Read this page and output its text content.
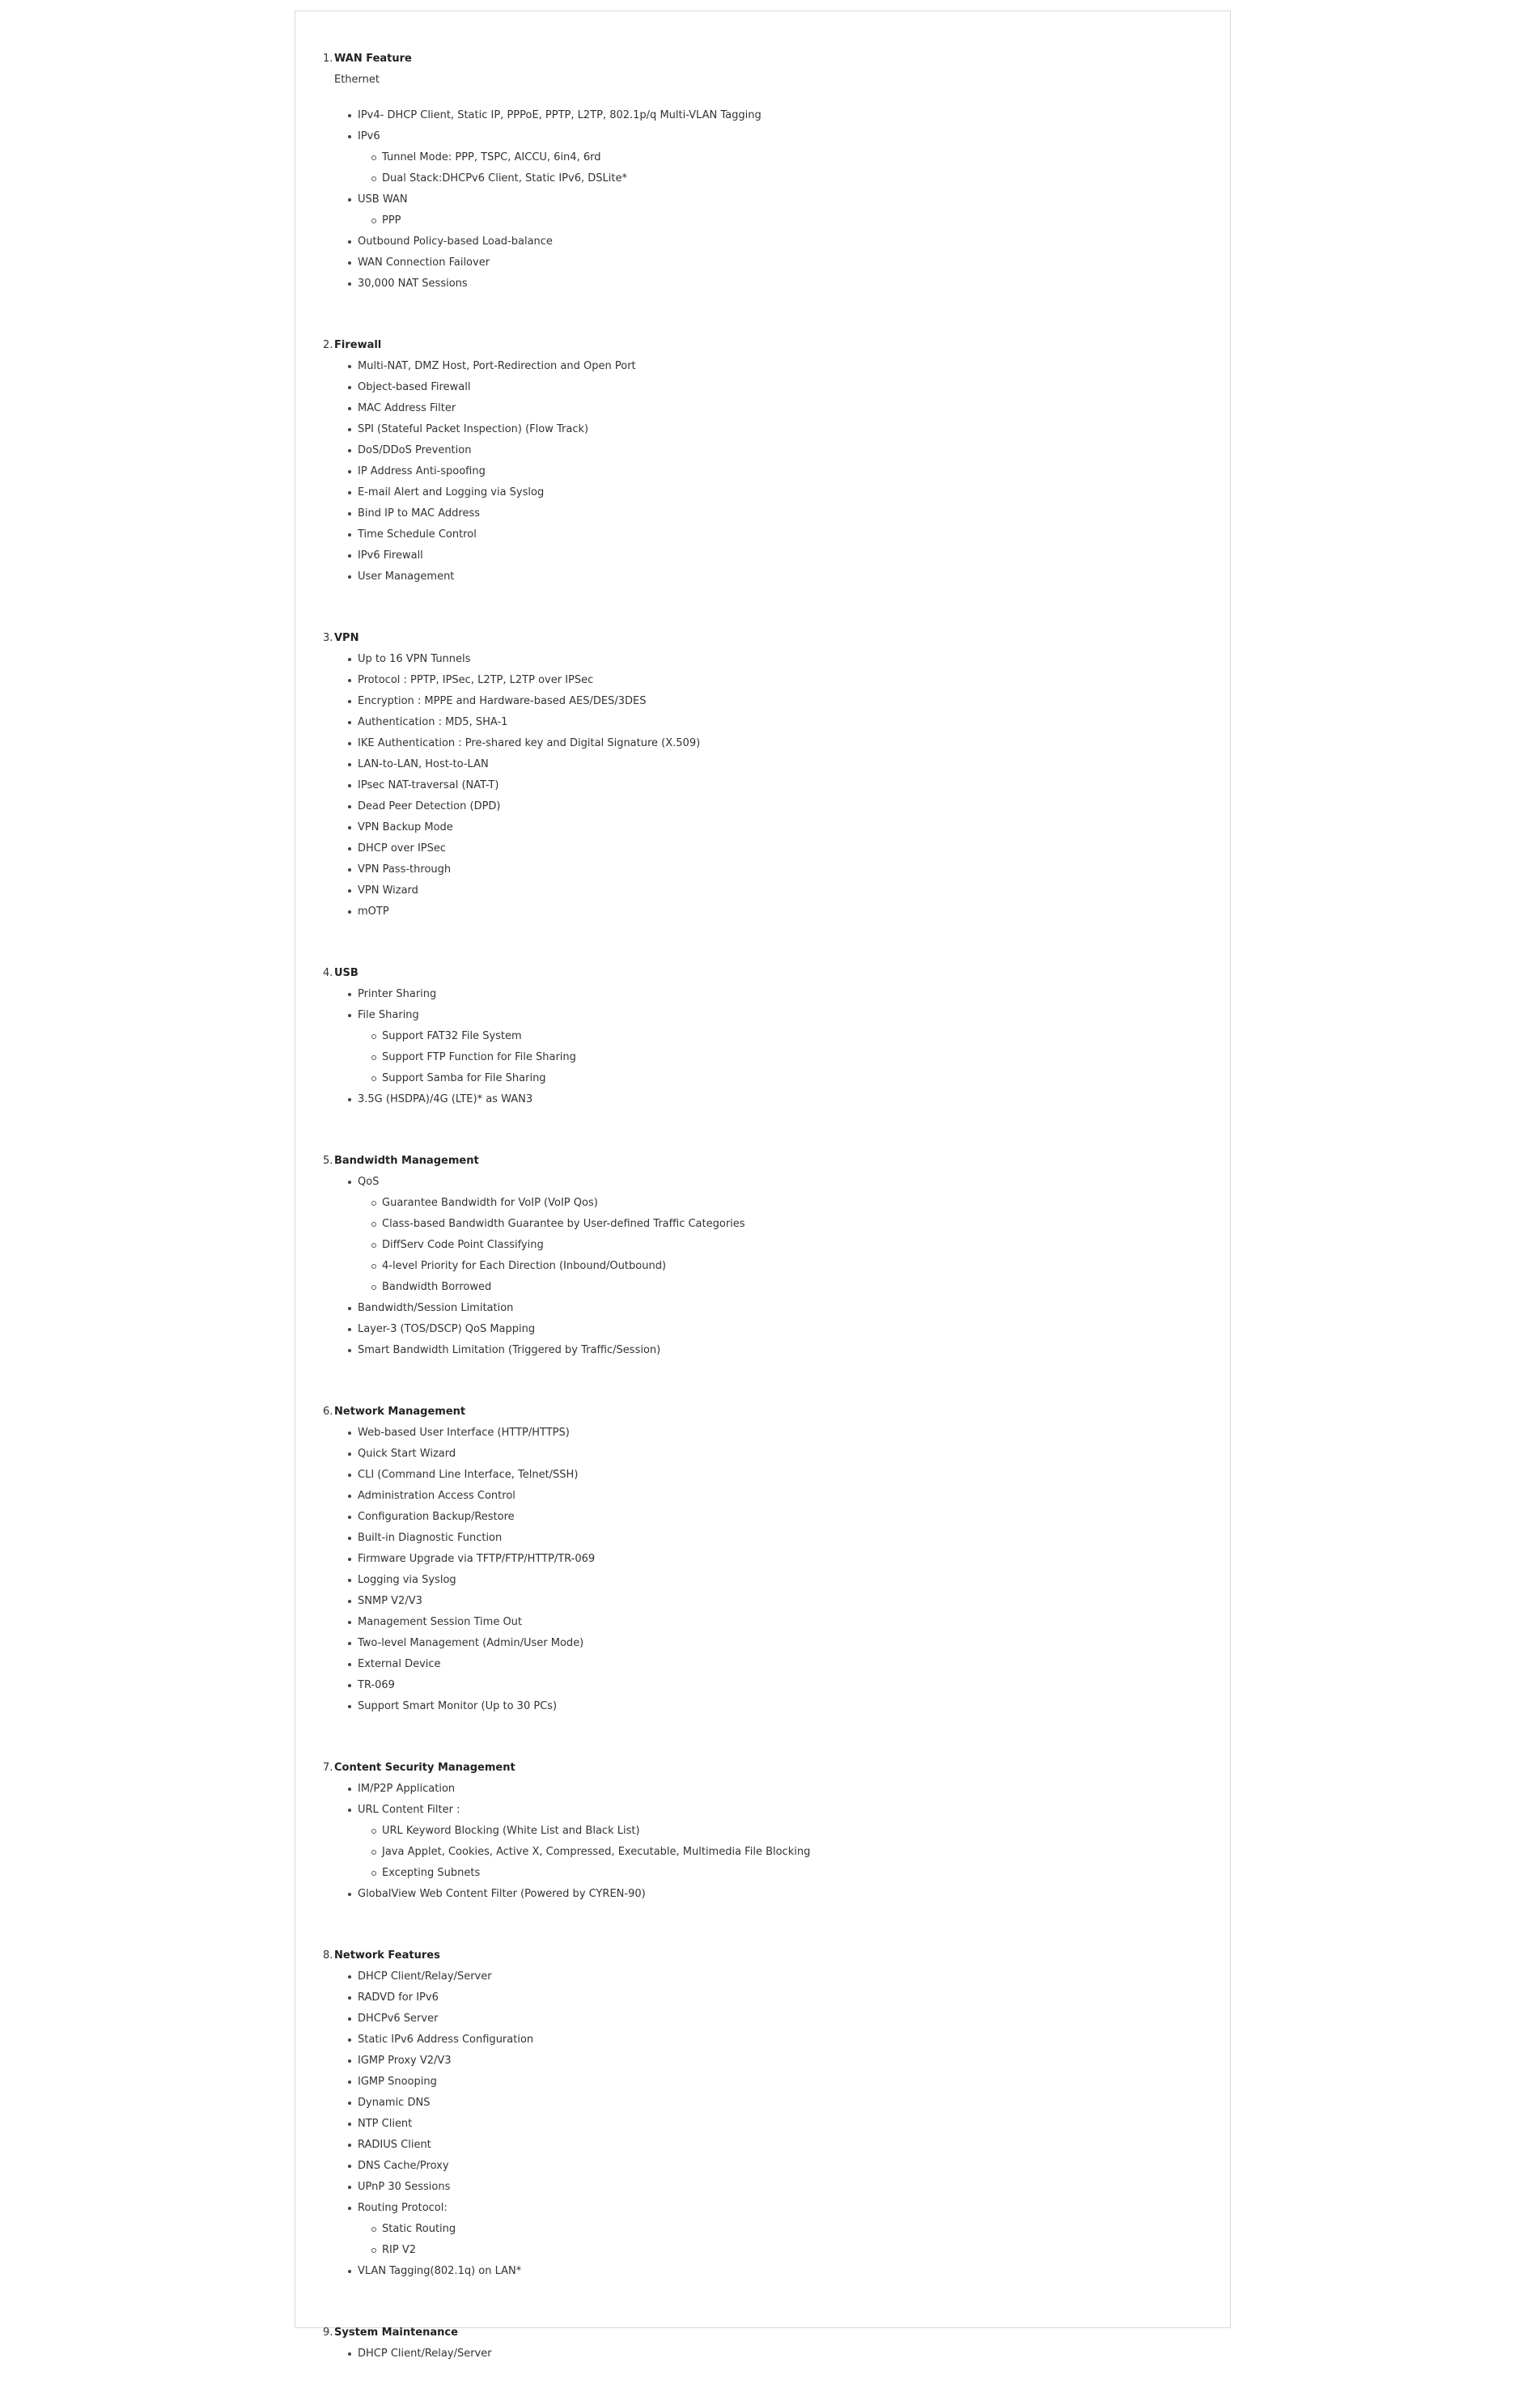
1. WAN Feature
Ethernet
IPv4- DHCP Client, Static IP, PPPoE, PPTP, L2TP, 802.1p/q Multi-VLAN Tagging
IPv6
Tunnel Mode: PPP, TSPC, AICCU, 6in4, 6rd
Dual Stack:DHCPv6 Client, Static IPv6, DSLite*
USB WAN
PPP
Outbound Policy-based Load-balance
WAN Connection Failover
30,000 NAT Sessions
2. Firewall
Multi-NAT, DMZ Host, Port-Redirection and Open Port
Object-based Firewall
MAC Address Filter
SPI (Stateful Packet Inspection) (Flow Track)
DoS/DDoS Prevention
IP Address Anti-spoofing
E-mail Alert and Logging via Syslog
Bind IP to MAC Address
Time Schedule Control
IPv6 Firewall
User Management
3. VPN
Up to 16 VPN Tunnels
Protocol : PPTP, IPSec, L2TP, L2TP over IPSec
Encryption : MPPE and Hardware-based AES/DES/3DES
Authentication : MD5, SHA-1
IKE Authentication : Pre-shared key and Digital Signature (X.509)
LAN-to-LAN, Host-to-LAN
IPsec NAT-traversal (NAT-T)
Dead Peer Detection (DPD)
VPN Backup Mode
DHCP over IPSec
VPN Pass-through
VPN Wizard
mOTP
4. USB
Printer Sharing
File Sharing
Support FAT32 File System
Support FTP Function for File Sharing
Support Samba for File Sharing
3.5G (HSDPA)/4G (LTE)* as WAN3
5. Bandwidth Management
QoS
Guarantee Bandwidth for VoIP (VoIP Qos)
Class-based Bandwidth Guarantee by User-defined Traffic Categories
DiffServ Code Point Classifying
4-level Priority for Each Direction (Inbound/Outbound)
Bandwidth Borrowed
Bandwidth/Session Limitation
Layer-3 (TOS/DSCP) QoS Mapping
Smart Bandwidth Limitation (Triggered by Traffic/Session)
6. Network Management
Web-based User Interface (HTTP/HTTPS)
Quick Start Wizard
CLI (Command Line Interface, Telnet/SSH)
Administration Access Control
Configuration Backup/Restore
Built-in Diagnostic Function
Firmware Upgrade via TFTP/FTP/HTTP/TR-069
Logging via Syslog
SNMP V2/V3
Management Session Time Out
Two-level Management (Admin/User Mode)
External Device
TR-069
Support Smart Monitor (Up to 30 PCs)
7. Content Security Management
IM/P2P Application
URL Content Filter :
URL Keyword Blocking (White List and Black List)
Java Applet, Cookies, Active X, Compressed, Executable, Multimedia File Blocking
Excepting Subnets
GlobalView Web Content Filter (Powered by CYREN-90)
8. Network Features
DHCP Client/Relay/Server
RADVD for IPv6
DHCPv6 Server
Static IPv6 Address Configuration
IGMP Proxy V2/V3
IGMP Snooping
Dynamic DNS
NTP Client
RADIUS Client
DNS Cache/Proxy
UPnP 30 Sessions
Routing Protocol:
Static Routing
RIP V2
VLAN Tagging(802.1q) on LAN*
9. System Maintenance
DHCP Client/Relay/Server
